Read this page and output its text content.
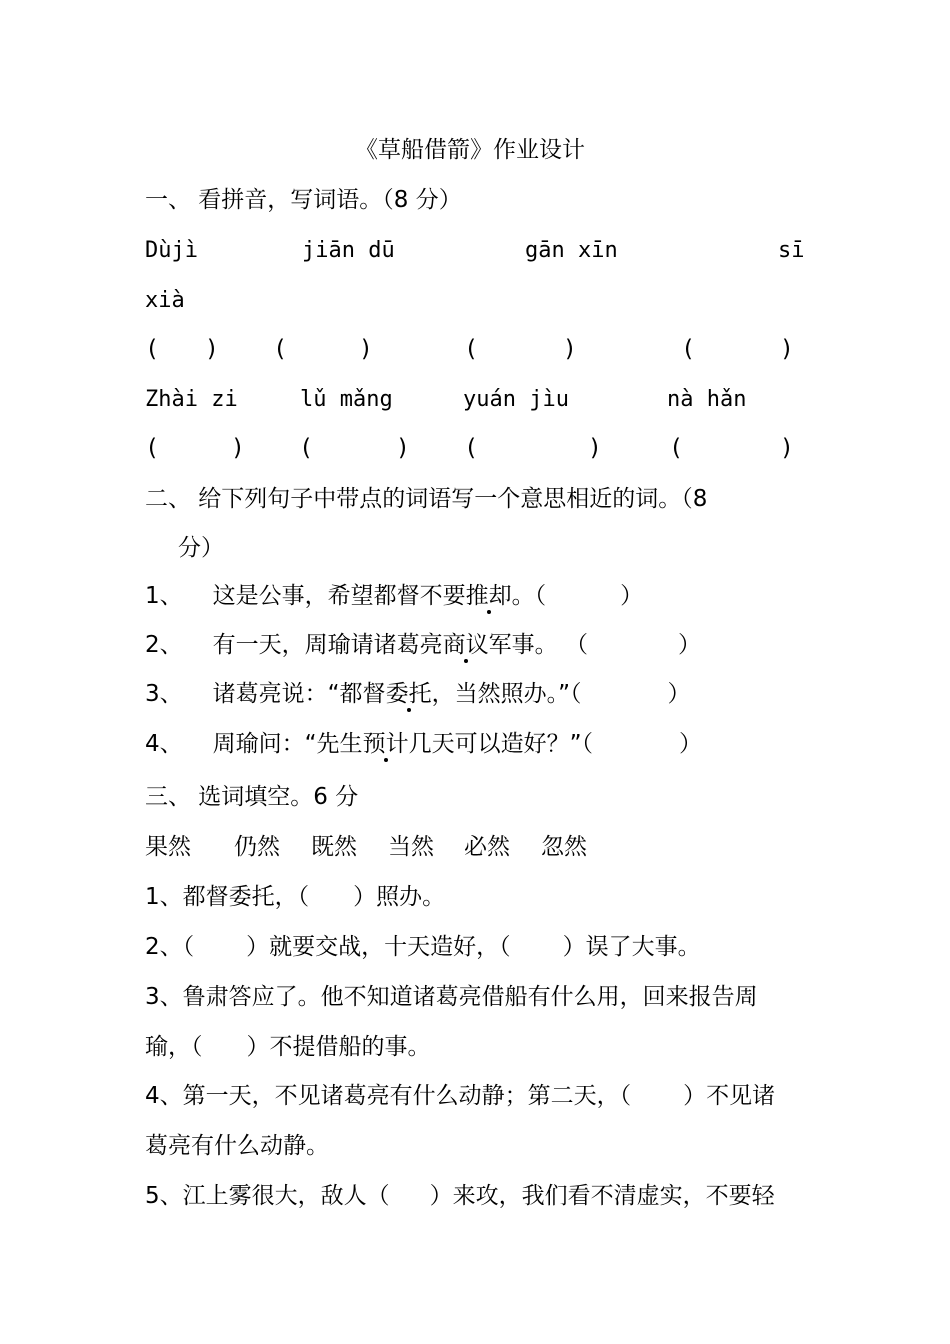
《草船借箭》作业设计
一、 看拼音，写词语。（8 分）
Dùjì	jiān dū	gān xīn	sī
xià
( )	(	)	(	)	(	)
Zhài zi	lǔ mǎng	yuán jìu	nà hǎn
(	)	(	)	(	)	(	)
二、 给下列句子中带点的词语写一个意思相近的词。（8
分）
1、 这是公事，希望都督不要推却。（	）
2、 有一天，周瑜请诸葛亮商议军事。 （	）
3、 诸葛亮说：“都督委托，当然照办。”（	）
4、 周瑜问：“先生预计几天可以造好？”（	）
三、 选词填空。6 分
果然 仍然 既然 当然 必然 忽然
1、都督委托，（ ）照办。
2、（ ）就要交战，十天造好，（ ）误了大事。
3、鲁肃答应了。他不知道诸葛亮借船有什么用，回来报告周
瑜，（ ）不提借船的事。
4、第一天，不见诸葛亮有什么动静；第二天，（ ）不见诸
葛亮有什么动静。
5、江上雾很大，敌人（ ）来攻，我们看不清虚实，不要轻
